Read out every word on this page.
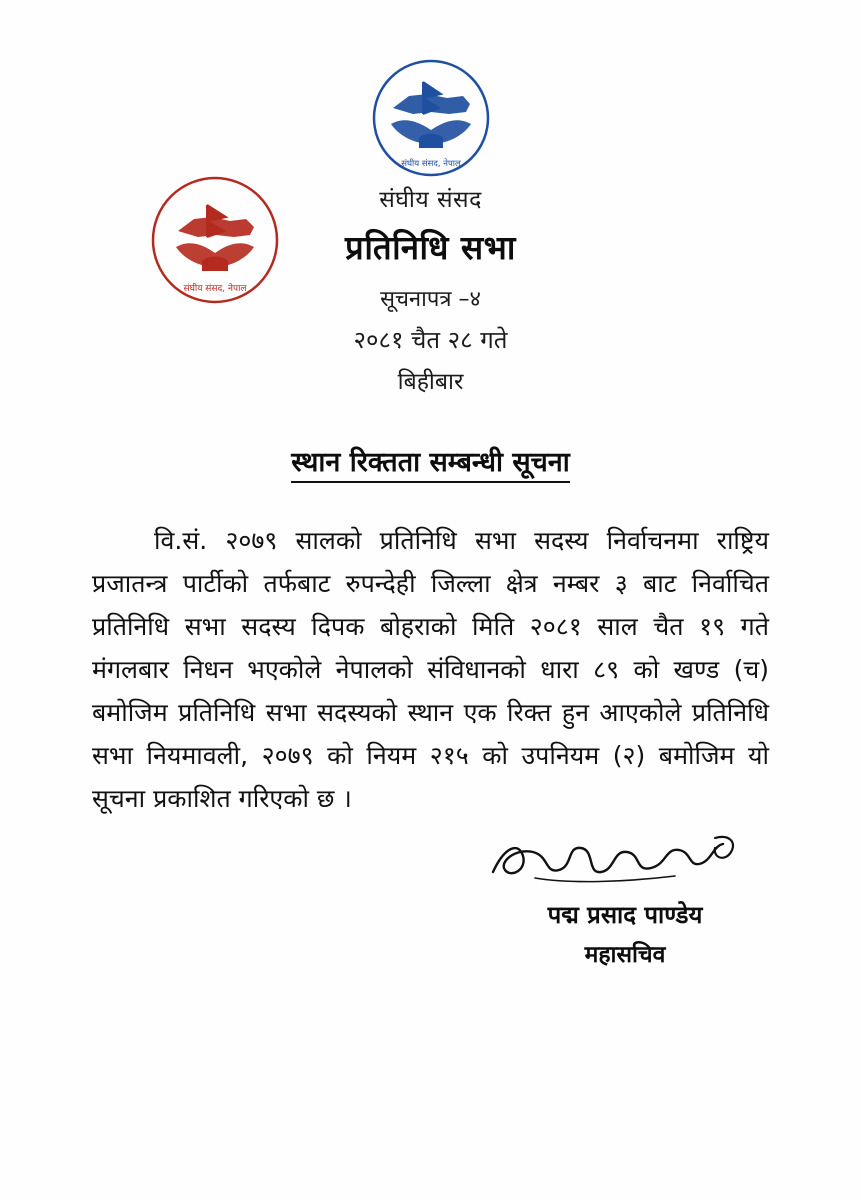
संघीय संसद, नेपाल
संघीय संसद, नेपाल
संघीय संसद
प्रतिनिधि सभा
सूचनापत्र –४
२०८१ चैत २८ गते
बिहीबार
स्थान रिक्तता सम्बन्धी सूचना
वि.सं. २०७९ सालको प्रतिनिधि सभा सदस्य निर्वाचनमा राष्ट्रिय प्रजातन्त्र पार्टीको तर्फबाट रुपन्देही जिल्ला क्षेत्र नम्बर ३ बाट निर्वाचित प्रतिनिधि सभा सदस्य दिपक बोहराको मिति २०८१ साल चैत १९ गते मंगलबार निधन भएकोले नेपालको संविधानको धारा ८९ को खण्ड (च) बमोजिम प्रतिनिधि सभा सदस्यको स्थान एक रिक्त हुन आएकोले प्रतिनिधि सभा नियमावली, २०७९ को नियम २१५ को उपनियम (२) बमोजिम यो सूचना प्रकाशित गरिएको छ ।
पद्म प्रसाद पाण्डेय
महासचिव
